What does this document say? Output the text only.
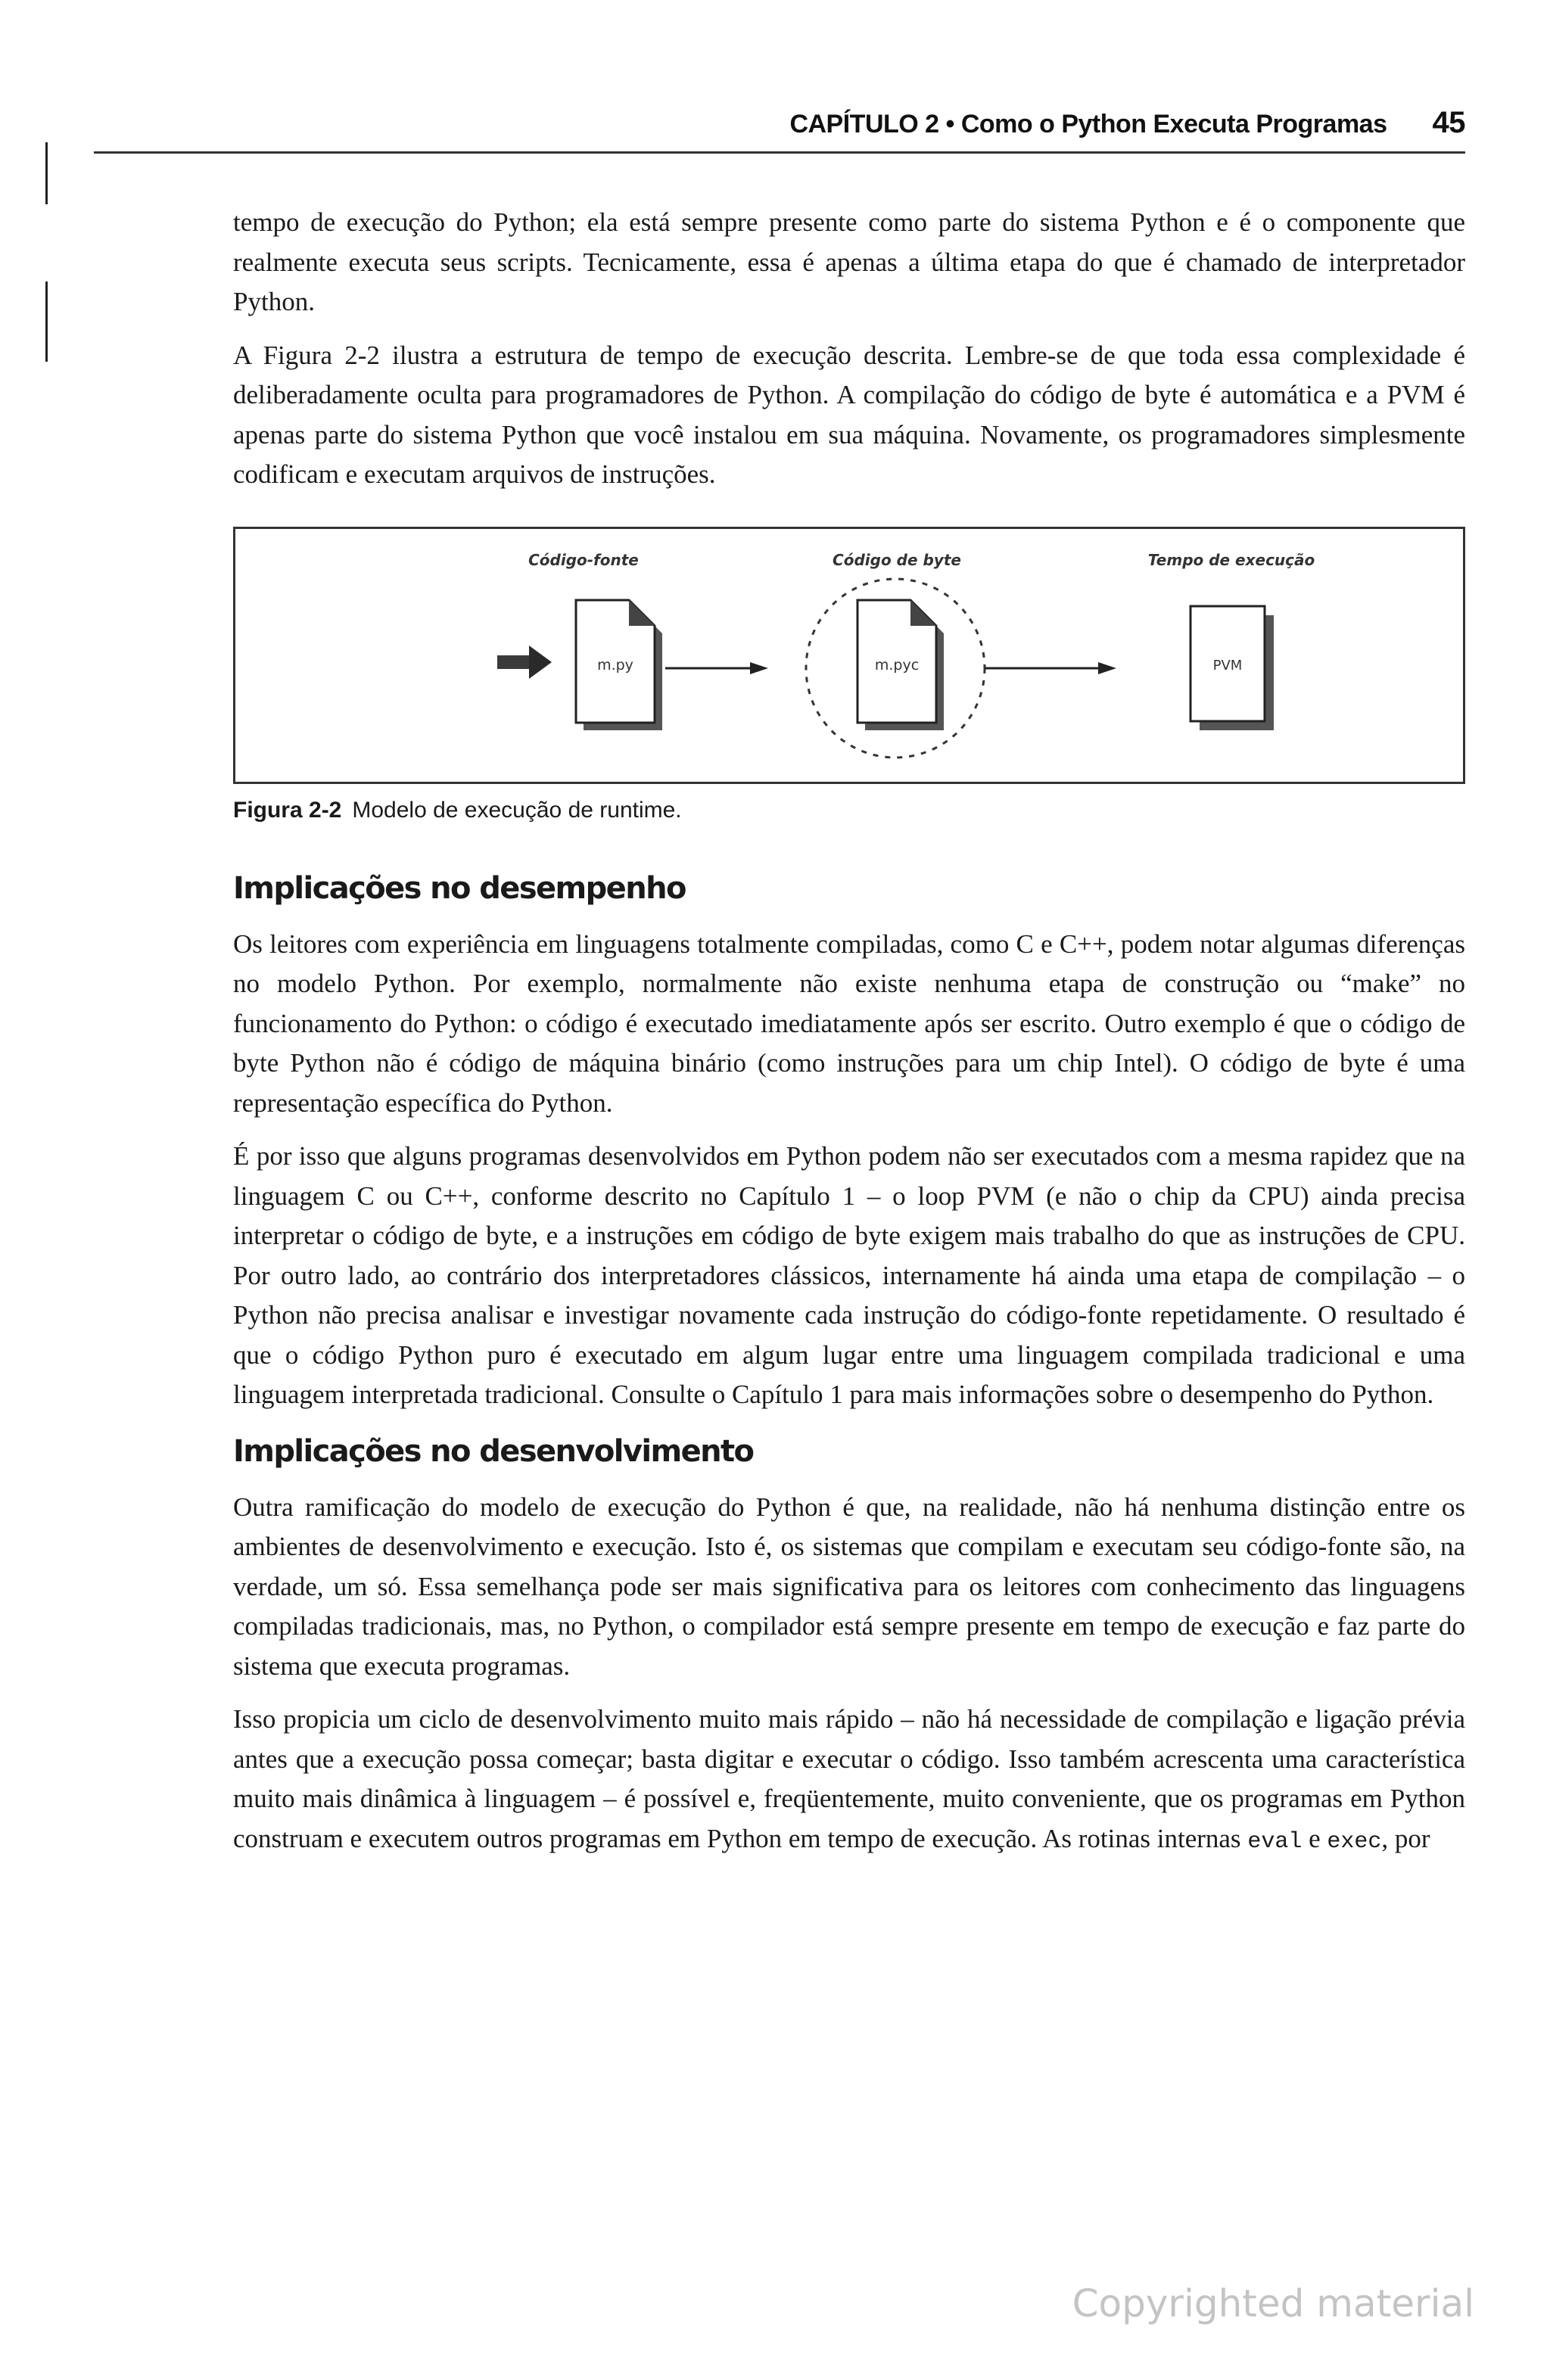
CAPÍTULO 2 • Como o Python Executa Programas 45

tempo de execução do Python; ela está sempre presente como parte do sistema Python e é o componente que realmente executa seus scripts. Tecnicamente, essa é apenas a última etapa do que é chamado de interpretador Python.

A Figura 2-2 ilustra a estrutura de tempo de execução descrita. Lembre-se de que toda essa complexidade é deliberadamente oculta para programadores de Python. A compilação do código de byte é automática e a PVM é apenas parte do sistema Python que você instalou em sua máquina. Novamente, os programadores simplesmente codificam e executam arquivos de instruções.

Código-fonte	Código de byte	Tempo de execução
m.py	m.pyc	PVM
Figura 2-2 Modelo de execução de runtime.
Implicações no desempenho

Os leitores com experiência em linguagens totalmente compiladas, como C e C++, podem notar algumas diferenças no modelo Python. Por exemplo, normalmente não existe nenhuma etapa de construção ou “make” no funcionamento do Python: o código é executado imediatamente após ser escrito. Outro exemplo é que o código de byte Python não é código de máquina binário (como instruções para um chip Intel). O código de byte é uma representação específica do Python.

É por isso que alguns programas desenvolvidos em Python podem não ser executados com a mesma rapidez que na linguagem C ou C++, conforme descrito no Capítulo 1 – o loop PVM (e não o chip da CPU) ainda precisa interpretar o código de byte, e a instruções em código de byte exigem mais trabalho do que as instruções de CPU. Por outro lado, ao contrário dos interpretadores clássicos, internamente há ainda uma etapa de compilação – o Python não precisa analisar e investigar novamente cada instrução do código-fonte repetidamente. O resultado é que o código Python puro é executado em algum lugar entre uma linguagem compilada tradicional e uma linguagem interpretada tradicional. Consulte o Capítulo 1 para mais informações sobre o desempenho do Python.

Implicações no desenvolvimento

Outra ramificação do modelo de execução do Python é que, na realidade, não há nenhuma distinção entre os ambientes de desenvolvimento e execução. Isto é, os sistemas que compilam e executam seu código-fonte são, na verdade, um só. Essa semelhança pode ser mais significativa para os leitores com conhecimento das linguagens compiladas tradicionais, mas, no Python, o compilador está sempre presente em tempo de execução e faz parte do sistema que executa programas.

Isso propicia um ciclo de desenvolvimento muito mais rápido – não há necessidade de compilação e ligação prévia antes que a execução possa começar; basta digitar e executar o código. Isso também acrescenta uma característica muito mais dinâmica à linguagem – é possível e, freqüentemente, muito conveniente, que os programas em Python construam e executem outros programas em Python em tempo de execução. As rotinas internas eval e exec, por

Copyrighted material
